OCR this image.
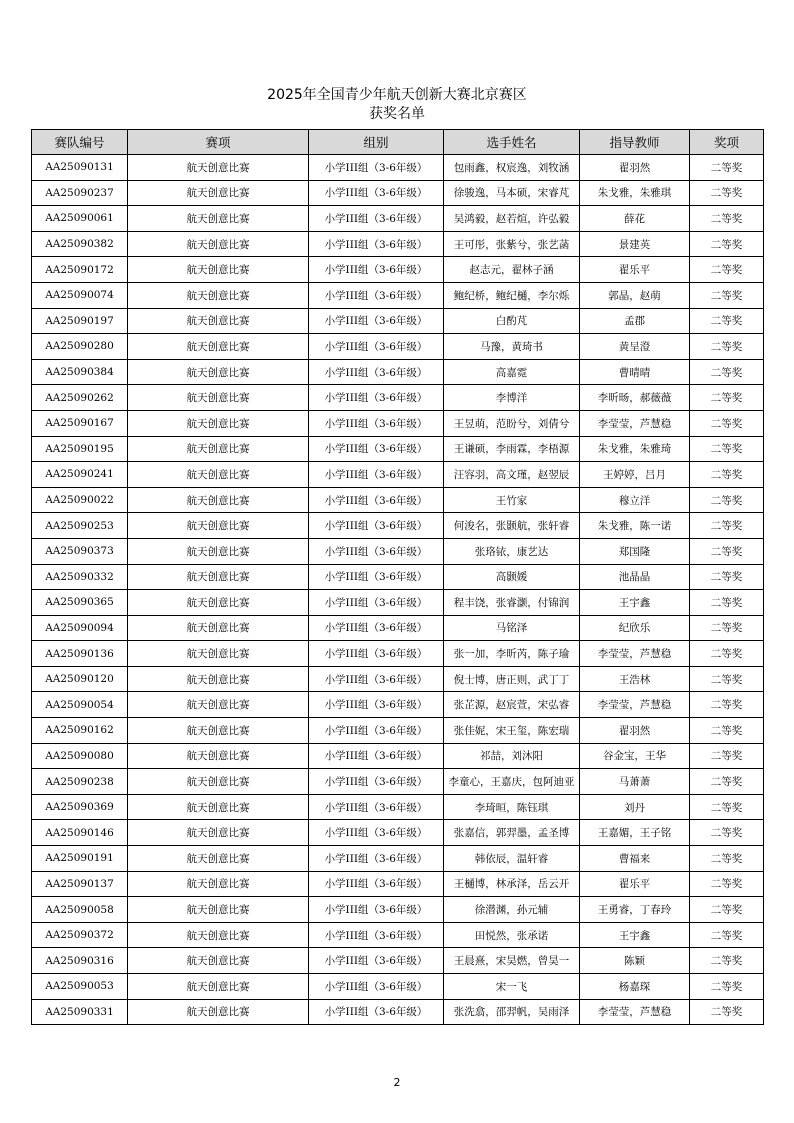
2025年全国青少年航天创新大赛北京赛区
获奖名单
赛队编号	赛项	组别	选手姓名	指导教师	奖项
AA25090131	航天创意比赛	小学III组（3-6年级）	包雨鑫，权宸逸，刘牧涵	翟羽然	二等奖
AA25090237	航天创意比赛	小学III组（3-6年级）	徐骏逸，马本硕，宋睿芃	朱戈雅，朱雅琪	二等奖
AA25090061	航天创意比赛	小学III组（3-6年级）	吴鸿毅，赵若煊，许弘毅	薛花	二等奖
AA25090382	航天创意比赛	小学III组（3-6年级）	王可彤，张紫兮，张艺菡	景建英	二等奖
AA25090172	航天创意比赛	小学III组（3-6年级）	赵志元，翟林子涵	翟乐平	二等奖
AA25090074	航天创意比赛	小学III组（3-6年级）	鲍纪桥，鲍纪樋，李尔烁	郭晶，赵萌	二等奖
AA25090197	航天创意比赛	小学III组（3-6年级）	白酌芃	孟郡	二等奖
AA25090280	航天创意比赛	小学III组（3-6年级）	马豫，黄琦书	黄呈澄	二等奖
AA25090384	航天创意比赛	小学III组（3-6年级）	高嘉霓	曹晴晴	二等奖
AA25090262	航天创意比赛	小学III组（3-6年级）	李博洋	李昕旸，郝薇薇	二等奖
AA25090167	航天创意比赛	小学III组（3-6年级）	王昱萌，范盼兮，刘倩兮	李莹莹，芦慧稳	二等奖
AA25090195	航天创意比赛	小学III组（3-6年级）	王谦硕，李雨霖，李梧源	朱戈雅，朱雅琦	二等奖
AA25090241	航天创意比赛	小学III组（3-6年级）	汪容羽，高文瑾，赵翌辰	王婷婷，吕月	二等奖
AA25090022	航天创意比赛	小学III组（3-6年级）	王竹家	穆立洋	二等奖
AA25090253	航天创意比赛	小学III组（3-6年级）	何浚名，张颢航，张轩睿	朱戈雅，陈一诺	二等奖
AA25090373	航天创意比赛	小学III组（3-6年级）	张珞铱，康艺达	郑国隆	二等奖
AA25090332	航天创意比赛	小学III组（3-6年级）	高颢媛	池晶晶	二等奖
AA25090365	航天创意比赛	小学III组（3-6年级）	程丰饶，张睿灏，付锦润	王宇鑫	二等奖
AA25090094	航天创意比赛	小学III组（3-6年级）	马铭泽	纪欣乐	二等奖
AA25090136	航天创意比赛	小学III组（3-6年级）	张一加，李昕芮，陈子瑜	李莹莹，芦慧稳	二等奖
AA25090120	航天创意比赛	小学III组（3-6年级）	倪士博，唐正则，武丁丁	王浩林	二等奖
AA25090054	航天创意比赛	小学III组（3-6年级）	张芷源，赵宸萱，宋弘睿	李莹莹，芦慧稳	二等奖
AA25090162	航天创意比赛	小学III组（3-6年级）	张佳妮，宋王玺，陈宏瑞	翟羽然	二等奖
AA25090080	航天创意比赛	小学III组（3-6年级）	祁喆，刘沐阳	谷金宝，王华	二等奖
AA25090238	航天创意比赛	小学III组（3-6年级）	李童心，王嘉庆，包阿迪亚	马萧萧	二等奖
AA25090369	航天创意比赛	小学III组（3-6年级）	李琦晅，陈钰琪	刘丹	二等奖
AA25090146	航天创意比赛	小学III组（3-6年级）	张嘉信，郭羿墨，孟圣博	王嘉媚，王子铭	二等奖
AA25090191	航天创意比赛	小学III组（3-6年级）	韩依辰，温轩睿	曹福来	二等奖
AA25090137	航天创意比赛	小学III组（3-6年级）	王樋博，林承泽，岳云开	翟乐平	二等奖
AA25090058	航天创意比赛	小学III组（3-6年级）	徐潜渊，孙元辅	王勇睿，丁春玲	二等奖
AA25090372	航天创意比赛	小学III组（3-6年级）	田悦然，张承诺	王宇鑫	二等奖
AA25090316	航天创意比赛	小学III组（3-6年级）	王晨熹，宋昊燃，曾昊一	陈颖	二等奖
AA25090053	航天创意比赛	小学III组（3-6年级）	宋一飞	杨嘉琛	二等奖
AA25090331	航天创意比赛	小学III组（3-6年级）	张洗翕，邵羿帆，吴雨泽	李莹莹，芦慧稳	二等奖
2
